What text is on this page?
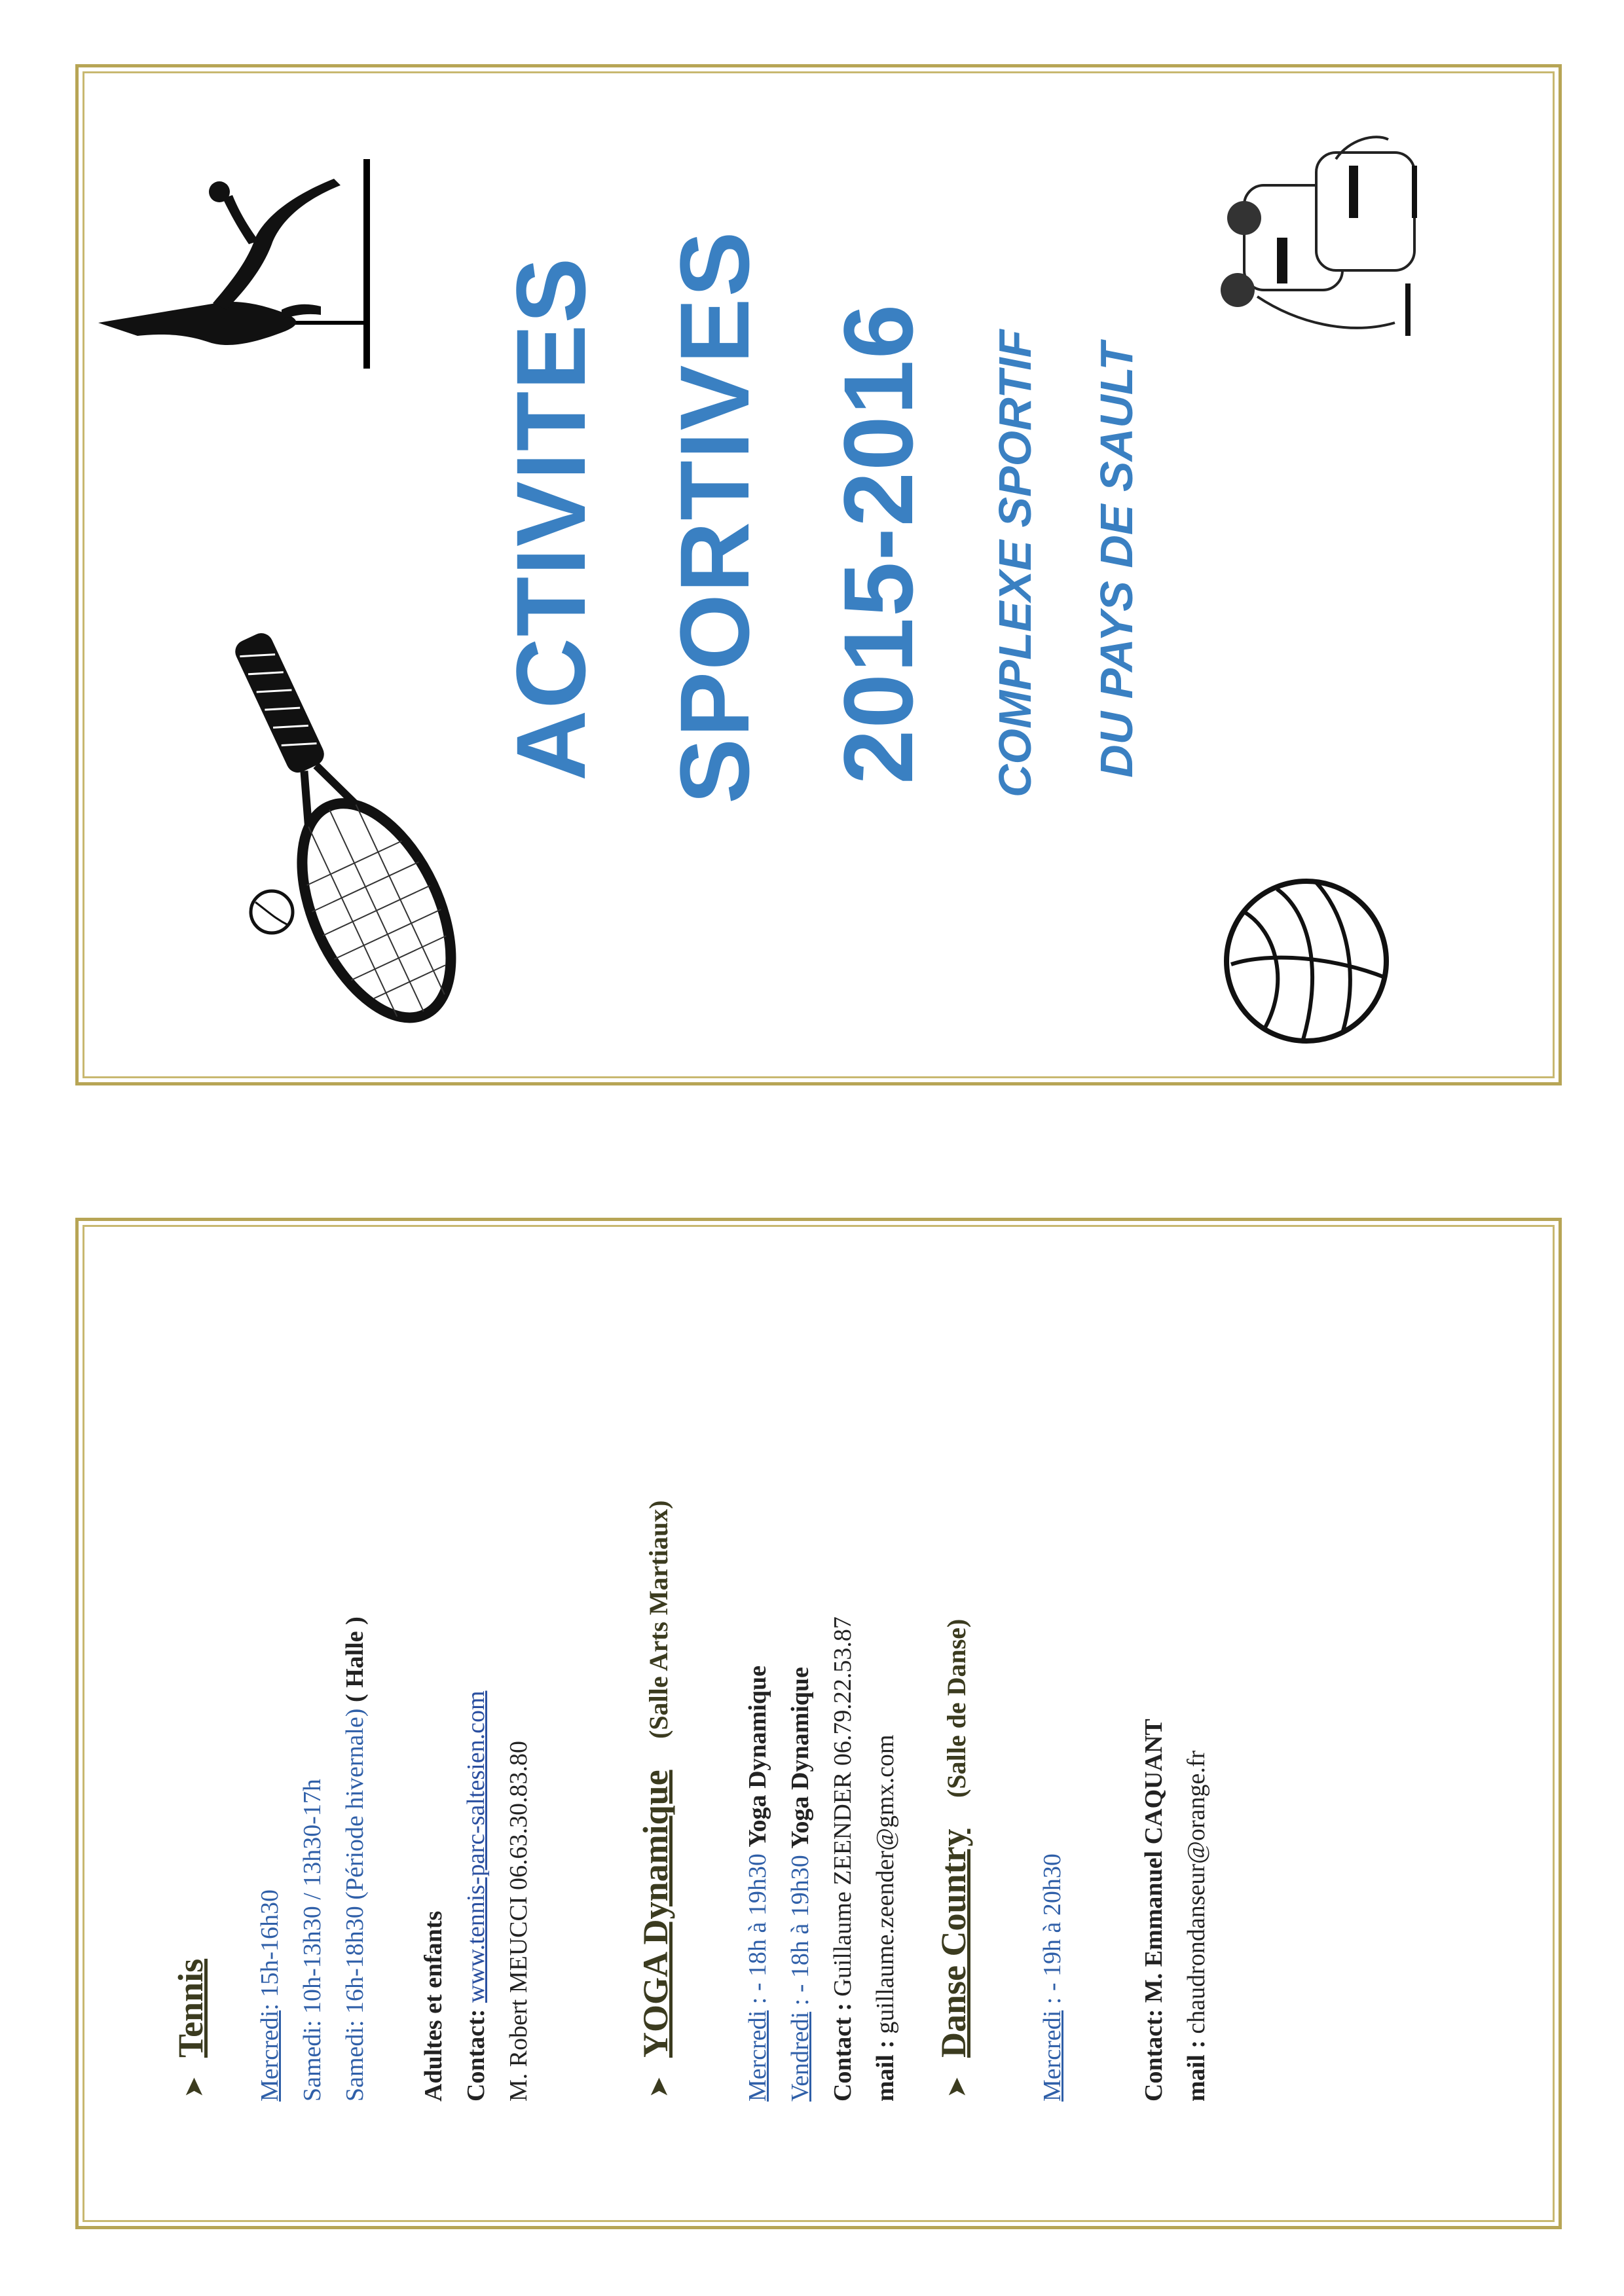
ACTIVITES SPORTIVES 2015-2016 COMPLEXE SPORTIF DU PAYS DE SAULT
➤   Tennis Mercredi: 15h-16h30 Samedi: 10h-13h30 / 13h30-17h Samedi: 16h-18h30 (Période hivernale) ( Halle )
Adultes et enfants Contact: www.tennis-parc-saltesien.com M. Robert MEUCCI 06.63.30.83.80	➤   YOGA Dynamique     (Salle Arts Martiaux)
Mercredi : - 18h à 19h30 Yoga Dynamique
Vendredi : - 18h à 19h30 Yoga Dynamique
Contact : Guillaume ZEENDER 06.79.22.53.87
mail : guillaume.zeender@gmx.com
➤   Danse Country     (Salle de Danse)
Mercredi : - 19h à 20h30
Contact: M. Emmanuel CAQUANT
mail : chaudrondanseur@orange.fr
